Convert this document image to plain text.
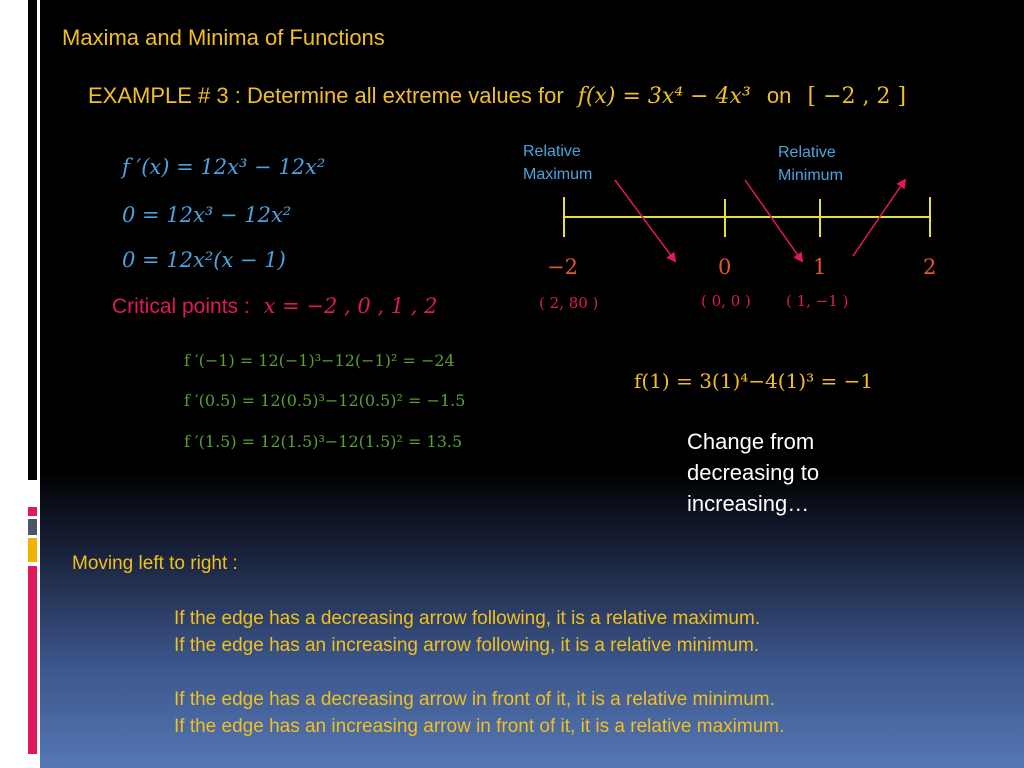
Maxima and Minima of Functions
EXAMPLE # 3 : Determine all extreme values for f(x) = 3x⁴ − 4x³ on [ −2 , 2 ]
f ′(x) = 12x³ − 12x²
0 = 12x³ − 12x²
0 = 12x²(x − 1)
Critical points : x = −2 , 0 , 1 , 2
f ′(−1) = 12(−1)³−12(−1)² = −24
f ′(0.5) = 12(0.5)³−12(0.5)² = −1.5
f ′(1.5) = 12(1.5)³−12(1.5)² = 13.5
Relative Maximum
Relative Minimum
−2	0	1	2
( 2, 80 )	( 0, 0 ) ( 1, −1 )
f(1) = 3(1)⁴−4(1)³ = −1
Change from decreasing to increasing…
Moving left to right :
If the edge has a decreasing arrow following, it is a relative maximum.
If the edge has an increasing arrow following, it is a relative minimum.
If the edge has a decreasing arrow in front of it, it is a relative minimum.
If the edge has an increasing arrow in front of it, it is a relative maximum.
